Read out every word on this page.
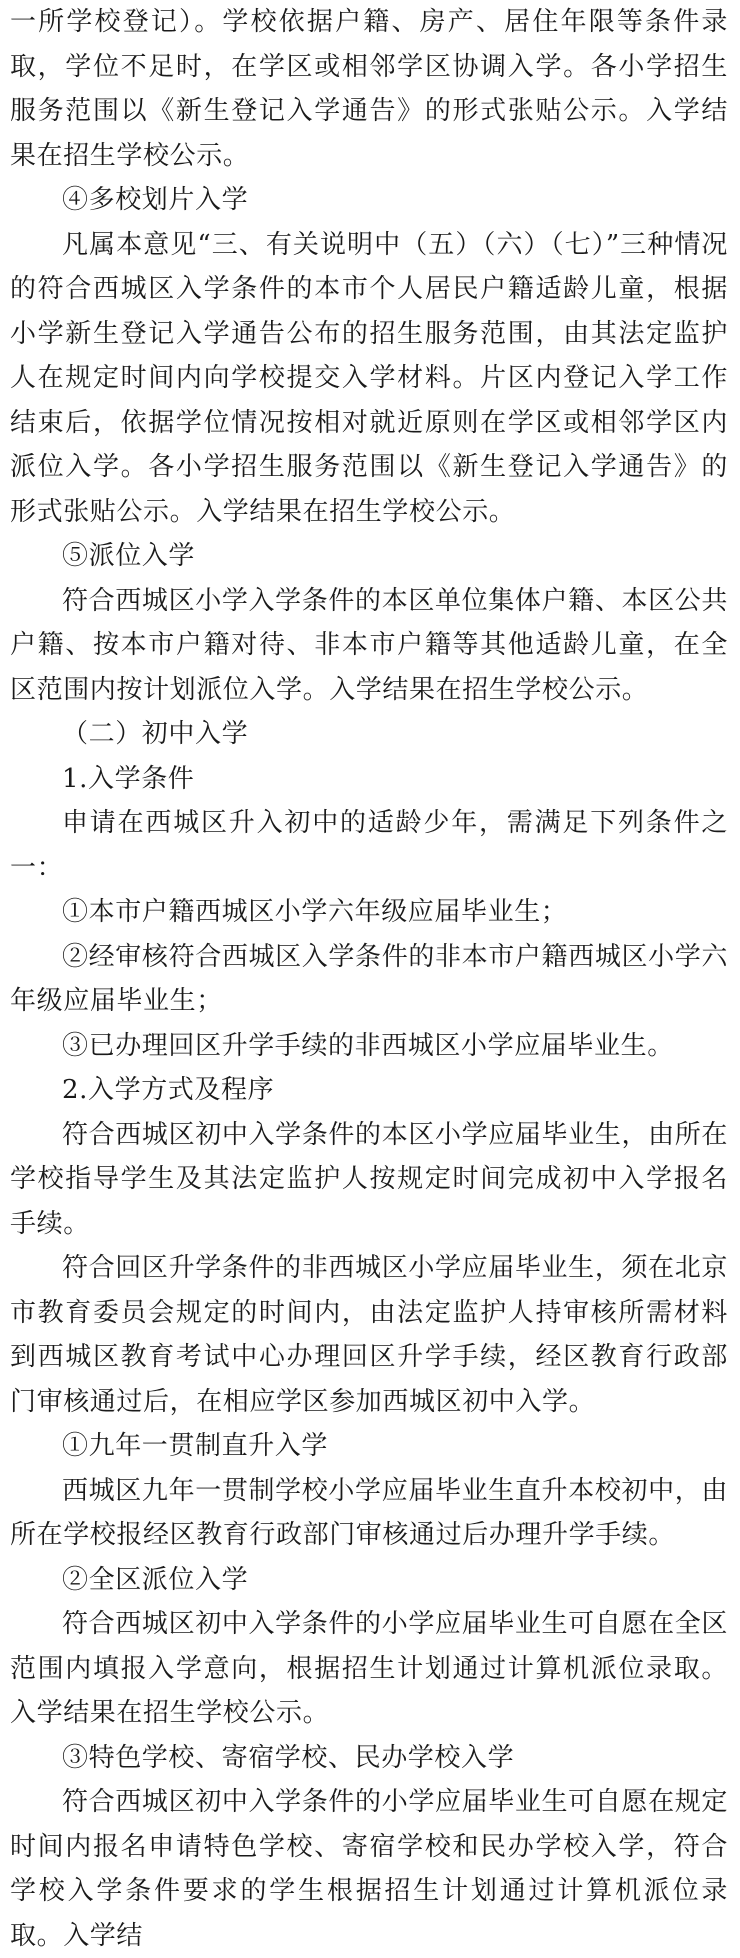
一所学校登记）。学校依据户籍、房产、居住年限等条件录取，学位不足时，在学区或相邻学区协调入学。各小学招生服务范围以《新生登记入学通告》的形式张贴公示。入学结果在招生学校公示。

④多校划片入学

凡属本意见“三、有关说明中（五）（六）（七）”三种情况的符合西城区入学条件的本市个人居民户籍适龄儿童，根据小学新生登记入学通告公布的招生服务范围，由其法定监护人在规定时间内向学校提交入学材料。片区内登记入学工作结束后，依据学位情况按相对就近原则在学区或相邻学区内派位入学。各小学招生服务范围以《新生登记入学通告》的形式张贴公示。入学结果在招生学校公示。

⑤派位入学

符合西城区小学入学条件的本区单位集体户籍、本区公共户籍、按本市户籍对待、非本市户籍等其他适龄儿童，在全区范围内按计划派位入学。入学结果在招生学校公示。

（二）初中入学

1.入学条件

申请在西城区升入初中的适龄少年，需满足下列条件之一：

①本市户籍西城区小学六年级应届毕业生；

②经审核符合西城区入学条件的非本市户籍西城区小学六年级应届毕业生；

③已办理回区升学手续的非西城区小学应届毕业生。

2.入学方式及程序

符合西城区初中入学条件的本区小学应届毕业生，由所在学校指导学生及其法定监护人按规定时间完成初中入学报名手续。

符合回区升学条件的非西城区小学应届毕业生，须在北京市教育委员会规定的时间内，由法定监护人持审核所需材料到西城区教育考试中心办理回区升学手续，经区教育行政部门审核通过后，在相应学区参加西城区初中入学。

①九年一贯制直升入学

西城区九年一贯制学校小学应届毕业生直升本校初中，由所在学校报经区教育行政部门审核通过后办理升学手续。

②全区派位入学

符合西城区初中入学条件的小学应届毕业生可自愿在全区范围内填报入学意向，根据招生计划通过计算机派位录取。入学结果在招生学校公示。

③特色学校、寄宿学校、民办学校入学

符合西城区初中入学条件的小学应届毕业生可自愿在规定时间内报名申请特色学校、寄宿学校和民办学校入学，符合学校入学条件要求的学生根据招生计划通过计算机派位录取。入学结
